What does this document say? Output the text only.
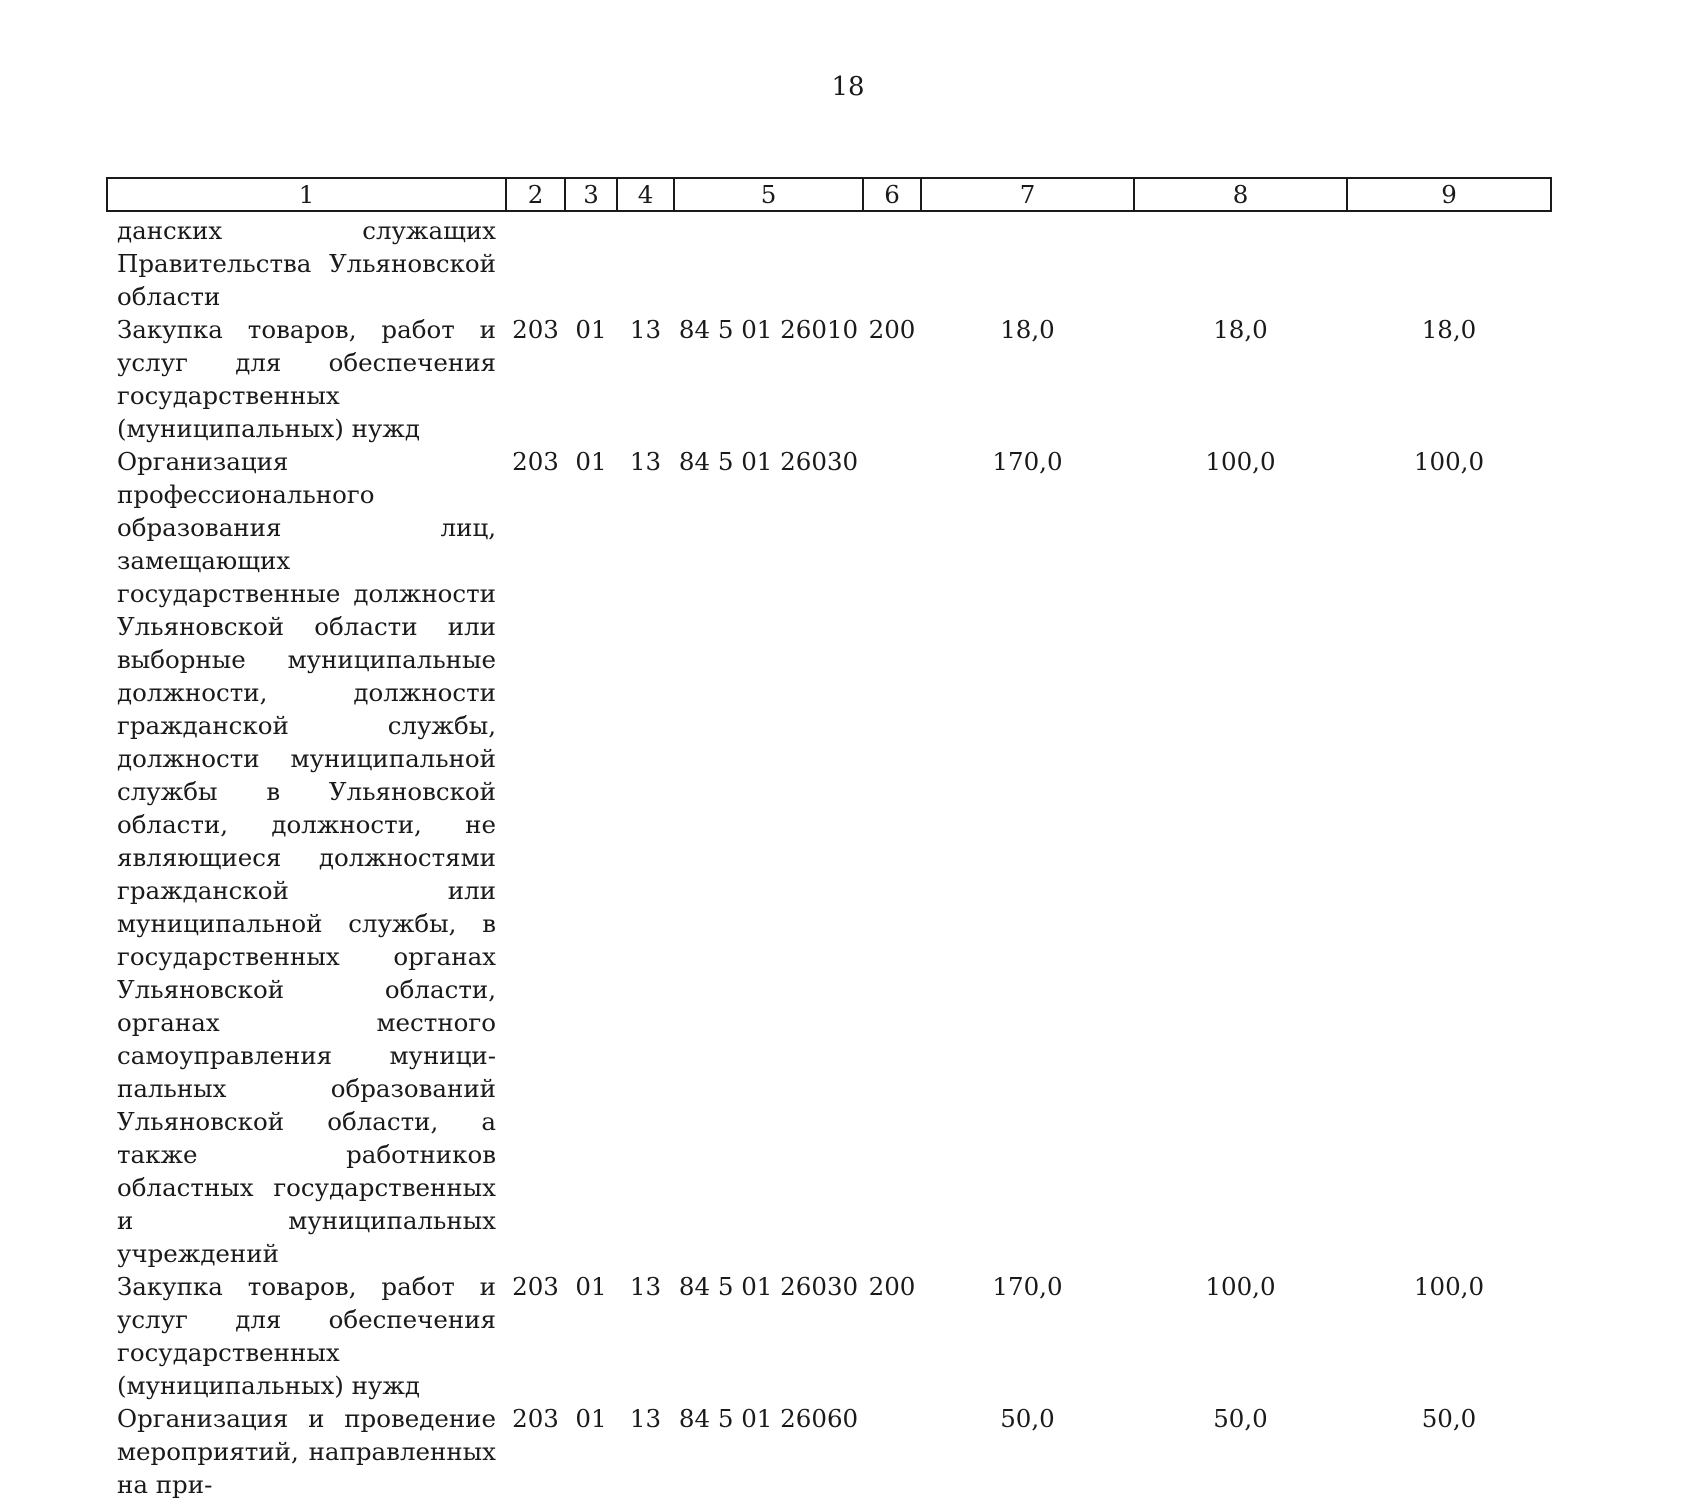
18
1	2	3	4	5	6	7	8	9
данских служащих Правительства Ульяновской области								
Закупка товаров, работ и услуг для обеспечения государственных (муниципальных) нужд	203	01	13	84 5 01 26010	200	18,0	18,0	18,0
Организация профессионального образования лиц, замещающих государственные должности Ульяновской области или выборные муниципальные должности, должности гражданской службы, должности муниципальной службы в Ульяновской области, должности, не являющиеся должностями гражданской или муниципальной службы, в государственных органах Ульяновской области, органах местного самоуправления муниципальных образований Ульяновской области, а также работников областных государственных и муниципальных учреждений	203	01	13	84 5 01 26030		170,0	100,0	100,0
Закупка товаров, работ и услуг для обеспечения государственных (муниципальных) нужд	203	01	13	84 5 01 26030	200	170,0	100,0	100,0
Организация и проведение мероприятий, направленных на при-	203	01	13	84 5 01 26060		50,0	50,0	50,0
